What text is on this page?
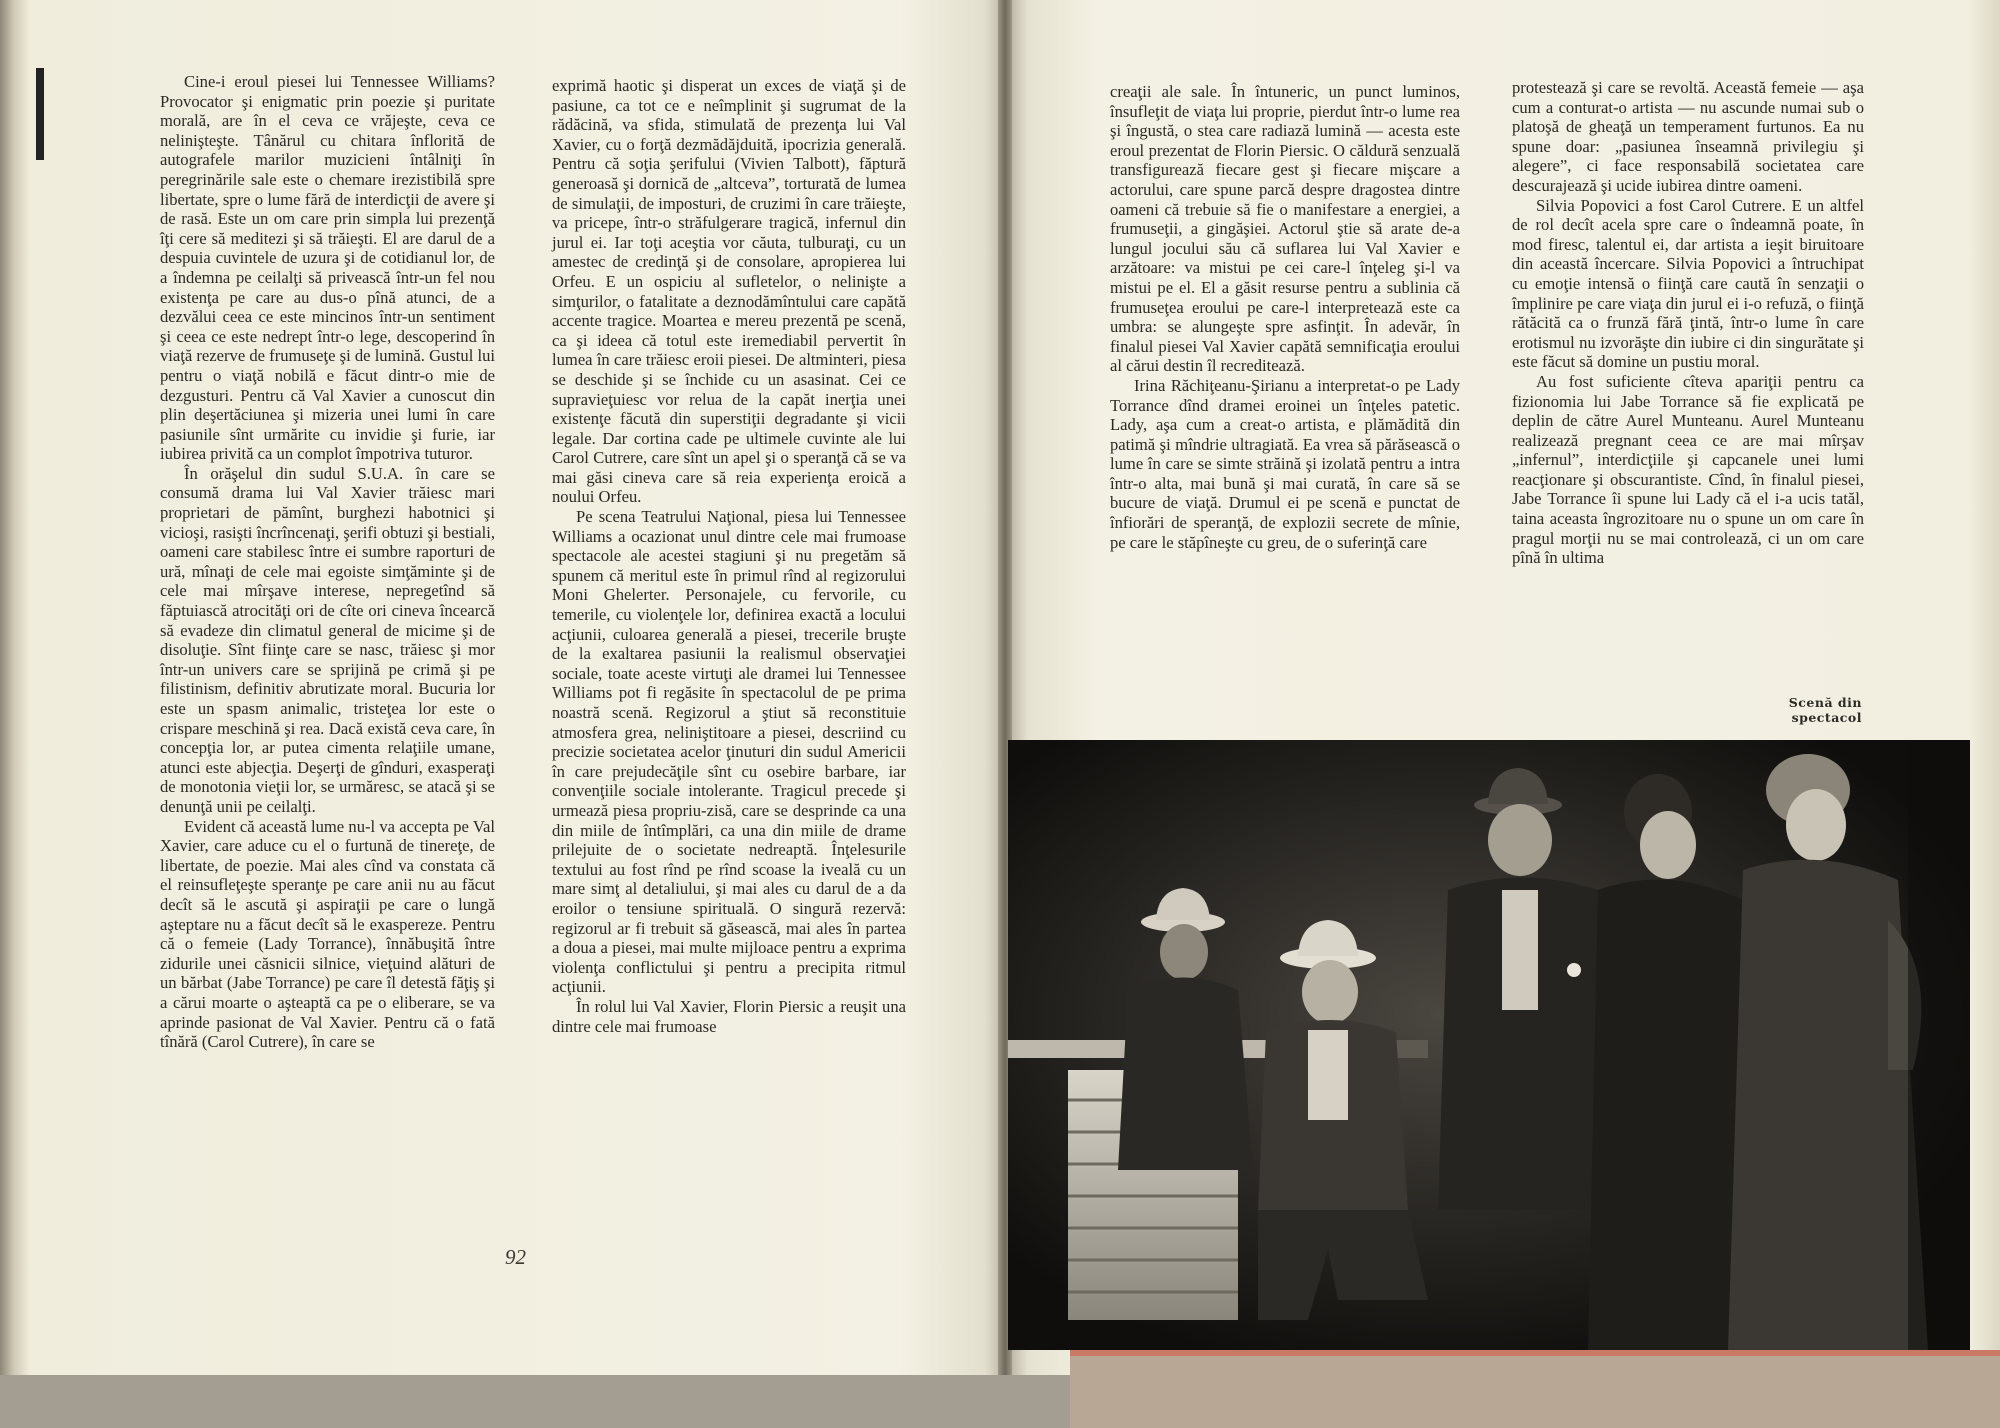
Cine-i eroul piesei lui Tennessee Williams? Provocator şi enigmatic prin poezie şi puritate morală, are în el ceva ce vrăjeşte, ceva ce nelinişteşte. Tânărul cu chitara înflorită de autografele marilor muzicieni întâlniţi în peregrinările sale este o chemare irezistibilă spre libertate, spre o lume fără de interdicţii de avere şi de rasă. Este un om care prin simpla lui prezenţă îţi cere să meditezi şi să trăieşti. El are darul de a despuia cuvintele de uzura şi de cotidianul lor, de a îndemna pe ceilalţi să privească într-un fel nou existenţa pe care au dus-o pînă atunci, de a dezvălui ceea ce este mincinos într-un sentiment şi ceea ce este nedrept într-o lege, descoperind în viaţă rezerve de frumuseţe şi de lumină. Gustul lui pentru o viaţă nobilă e făcut dintr-o mie de dezgusturi. Pentru că Val Xavier a cunoscut din plin deşertăciunea şi mizeria unei lumi în care pasiunile sînt urmărite cu invidie şi furie, iar iubirea privită ca un complot împotriva tuturor.

În orăşelul din sudul S.U.A. în care se consumă drama lui Val Xavier trăiesc mari proprietari de pămînt, burghezi habotnici şi vicioşi, rasişti încrîncenaţi, şerifi obtuzi şi bestiali, oameni care stabilesc între ei sumbre raporturi de ură, mînaţi de cele mai egoiste simţăminte şi de cele mai mîrşave interese, nepregetînd să făptuiască atrocităţi ori de cîte ori cineva încearcă să evadeze din climatul general de micime şi de disoluţie. Sînt fiinţe care se nasc, trăiesc şi mor într-un univers care se sprijină pe crimă şi pe filistinism, definitiv abrutizate moral. Bucuria lor este un spasm animalic, tristeţea lor este o crispare meschină şi rea. Dacă există ceva care, în concepţia lor, ar putea cimenta relaţiile umane, atunci este abjecţia. Deşerţi de gînduri, exasperaţi de monotonia vieţii lor, se urmăresc, se atacă şi se denunţă unii pe ceilalţi.

Evident că această lume nu-l va accepta pe Val Xavier, care aduce cu el o furtună de tinereţe, de libertate, de poezie. Mai ales cînd va constata că el reinsufleţeşte speranţe pe care anii nu au făcut decît să le ascută şi aspiraţii pe care o lungă aşteptare nu a făcut decît să le exaspereze. Pentru că o femeie (Lady Torrance), înnăbuşită între zidurile unei căsnicii silnice, vieţuind alături de un bărbat (Jabe Torrance) pe care îl detestă făţiş şi a cărui moarte o aşteaptă ca pe o eliberare, se va aprinde pasionat de Val Xavier. Pentru că o fată tînără (Carol Cutrere), în care se

exprimă haotic şi disperat un exces de viaţă şi de pasiune, ca tot ce e neîmplinit şi sugrumat de la rădăcină, va sfida, stimulată de prezenţa lui Val Xavier, cu o forţă dezmădăjduită, ipocrizia generală. Pentru că soţia şerifului (Vivien Talbott), făptură generoasă şi dornică de „altceva”, torturată de lumea de simulaţii, de imposturi, de cruzimi în care trăieşte, va pricepe, într-o străfulgerare tragică, infernul din jurul ei. Iar toţi aceştia vor căuta, tulburaţi, cu un amestec de credinţă şi de consolare, apropierea lui Orfeu. E un ospiciu al sufletelor, o nelinişte a simţurilor, o fatalitate a deznodămîntului care capătă accente tragice. Moartea e mereu prezentă pe scenă, ca şi ideea că totul este iremediabil pervertit în lumea în care trăiesc eroii piesei. De altminteri, piesa se deschide şi se închide cu un asasinat. Cei ce supravieţuiesc vor relua de la capăt inerţia unei existenţe făcută din superstiţii degradante şi vicii legale. Dar cortina cade pe ultimele cuvinte ale lui Carol Cutrere, care sînt un apel şi o speranţă că se va mai găsi cineva care să reia experienţa eroică a noului Orfeu.

Pe scena Teatrului Naţional, piesa lui Tennessee Williams a ocazionat unul dintre cele mai frumoase spectacole ale acestei stagiuni şi nu pregetăm să spunem că meritul este în primul rînd al regizorului Moni Ghelerter. Personajele, cu fervorile, cu temerile, cu violenţele lor, definirea exactă a locului acţiunii, culoarea generală a piesei, trecerile bruşte de la exaltarea pasiunii la realismul observaţiei sociale, toate aceste virtuţi ale dramei lui Tennessee Williams pot fi regăsite în spectacolul de pe prima noastră scenă. Regizorul a ştiut să reconstituie atmosfera grea, neliniştitoare a piesei, descriind cu precizie societatea acelor ţinuturi din sudul Americii în care prejudecăţile sînt cu osebire barbare, iar convenţiile sociale intolerante. Tragicul precede şi urmează piesa propriu-zisă, care se desprinde ca una din miile de întîmplări, ca una din miile de drame prilejuite de o societate nedreaptă. Înţelesurile textului au fost rînd pe rînd scoase la iveală cu un mare simţ al detaliului, şi mai ales cu darul de a da eroilor o tensiune spirituală. O singură rezervă: regizorul ar fi trebuit să găsească, mai ales în partea a doua a piesei, mai multe mijloace pentru a exprima violenţa conflictului şi pentru a precipita ritmul acţiunii.

În rolul lui Val Xavier, Florin Piersic a reuşit una dintre cele mai frumoase

92

creaţii ale sale. În întuneric, un punct luminos, însufleţit de viaţa lui proprie, pierdut într-o lume rea şi îngustă, o stea care radiază lumină — acesta este eroul prezentat de Florin Piersic. O căldură senzuală transfigurează fiecare gest şi fiecare mişcare a actorului, care spune parcă despre dragostea dintre oameni că trebuie să fie o manifestare a energiei, a frumuseţii, a gingăşiei. Actorul ştie să arate de-a lungul jocului său că suflarea lui Val Xavier e arzătoare: va mistui pe cei care-l înţeleg şi-l va mistui pe el. El a găsit resurse pentru a sublinia că frumuseţea eroului pe care-l interpretează este ca umbra: se alungeşte spre asfinţit. În adevăr, în finalul piesei Val Xavier capătă semnificaţia eroului al cărui destin îl recreditează.

Irina Răchiţeanu-Şirianu a interpretat-o pe Lady Torrance dînd dramei eroinei un înţeles patetic. Lady, aşa cum a creat-o artista, e plămădită din patimă şi mîndrie ultragiată. Ea vrea să părăsească o lume în care se simte străină şi izolată pentru a intra într-o alta, mai bună şi mai curată, în care să se bucure de viaţă. Drumul ei pe scenă e punctat de înfiorări de speranţă, de explozii secrete de mînie, pe care le stăpîneşte cu greu, de o suferinţă care

protestează şi care se revoltă. Această femeie — aşa cum a conturat-o artista — nu ascunde numai sub o platoşă de gheaţă un temperament furtunos. Ea nu spune doar: „pasiunea înseamnă privilegiu şi alegere”, ci face responsabilă societatea care descurajează şi ucide iubirea dintre oameni.

Silvia Popovici a fost Carol Cutrere. E un altfel de rol decît acela spre care o îndeamnă poate, în mod firesc, talentul ei, dar artista a ieşit biruitoare din această încercare. Silvia Popovici a întruchipat cu emoţie intensă o fiinţă care caută în senzaţii o împlinire pe care viaţa din jurul ei i-o refuză, o fiinţă rătăcită ca o frunză fără ţintă, într-o lume în care erotismul nu izvorăşte din iubire ci din singurătate şi este făcut să domine un pustiu moral.

Au fost suficiente cîteva apariţii pentru ca fizionomia lui Jabe Torrance să fie explicată pe deplin de către Aurel Munteanu. Aurel Munteanu realizează pregnant ceea ce are mai mîrşav „infernul”, interdicţiile şi capcanele unei lumi reacţionare şi obscurantiste. Cînd, în finalul piesei, Jabe Torrance îi spune lui Lady că el i-a ucis tatăl, taina aceasta îngrozitoare nu o spune un om care în pragul morţii nu se mai controlează, ci un om care pînă în ultima

Scenă din spectacol
